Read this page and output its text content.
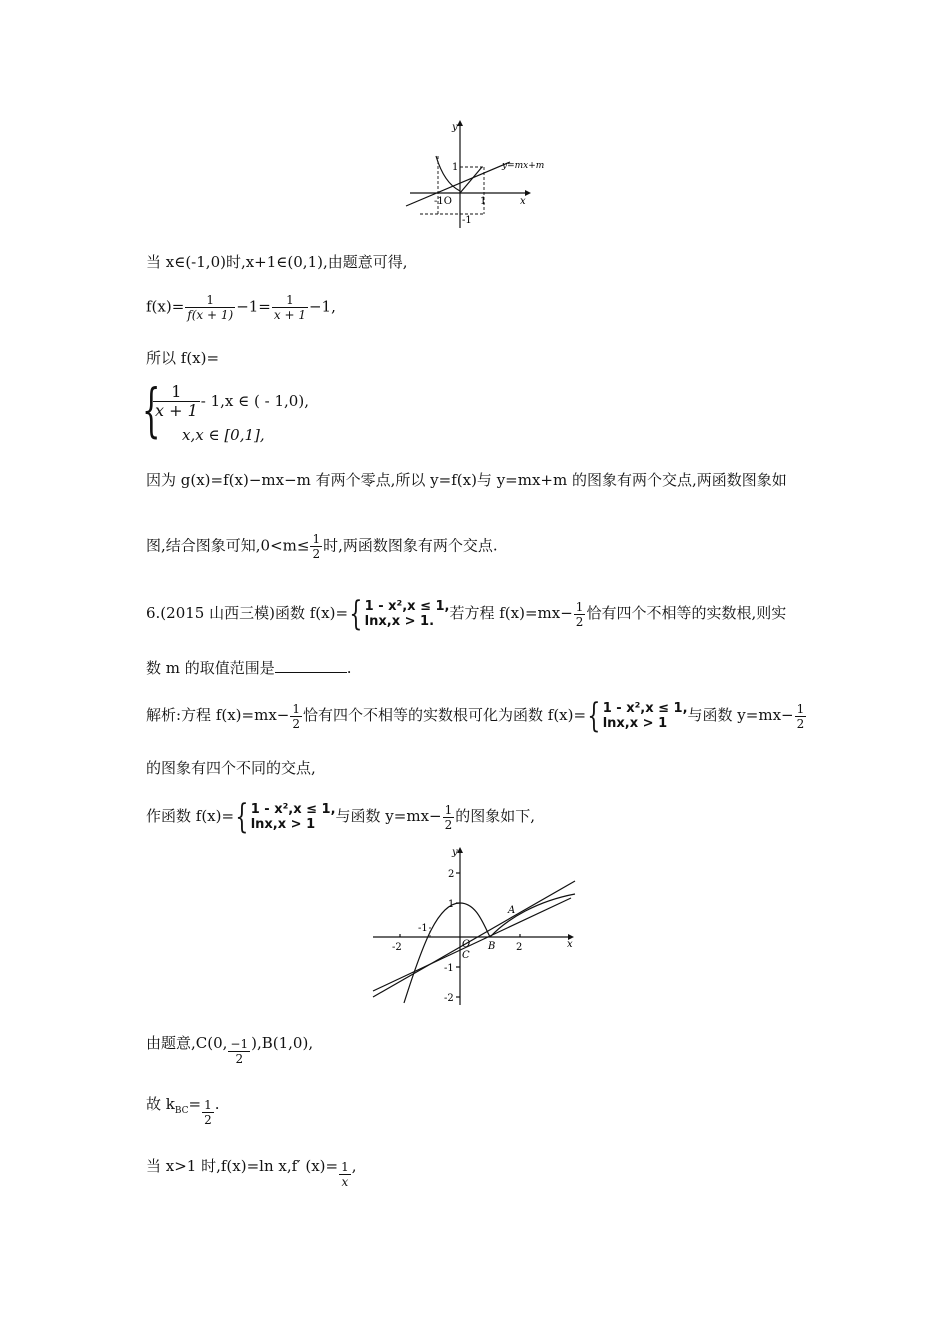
y
x
y=mx+m
1
1
-1O
-1
当 x∈(-1,0)时,x+1∈(0,1),由题意可得,
$f(x)= \frac{1}{f(x + 1)} -1= \frac{1}{x + 1} -1$,
所以 f(x)=
{
$\frac{1}{x + 1} - 1,x$ ∈ ( - 1,0),
x,x ∈ [0,1],
因为 g(x)=f(x)−mx−m 有两个零点,所以 y=f(x)与 y=mx+m 的图象有两个交点,两函数图象如
图,结合图象可知$,0<m\le \frac{1}{2}$ 时,两函数图象有两个交点.
6.(2015 山西三模)函数 f(x)={ 1 - x²,x ≤ 1,
lnx,x > 1. 若方程 $f(x)=mx- \frac{1}{2}$ 恰有四个不相等的实数根,则实
数 m 的取值范围是	.
解析:方程 $f(x)=mx- \frac{1}{2}$ 恰有四个不相等的实数根可化为函数 f(x)={ 1 - x²,x ≤ 1,
lnx,x > 1 与函数 $y=mx- \frac{1}{2}$
的图象有四个不同的交点,
作函数 f(x)={ 1 - x²,x ≤ 1,
lnx,x > 1 与函数 $y=mx- \frac{1}{2}$ 的图象如下,
y
x
-2	2
2
1
-1
-2
-1
O
A
B
C
由题意,C(0, $\frac{-1}{2} ),B(1,0)$,
故 $k_{BC}= \frac{1}{2}$ .
当 x>1 时,f(x)=ln x,f′ $(x)= \frac{1}{x}$ ,
